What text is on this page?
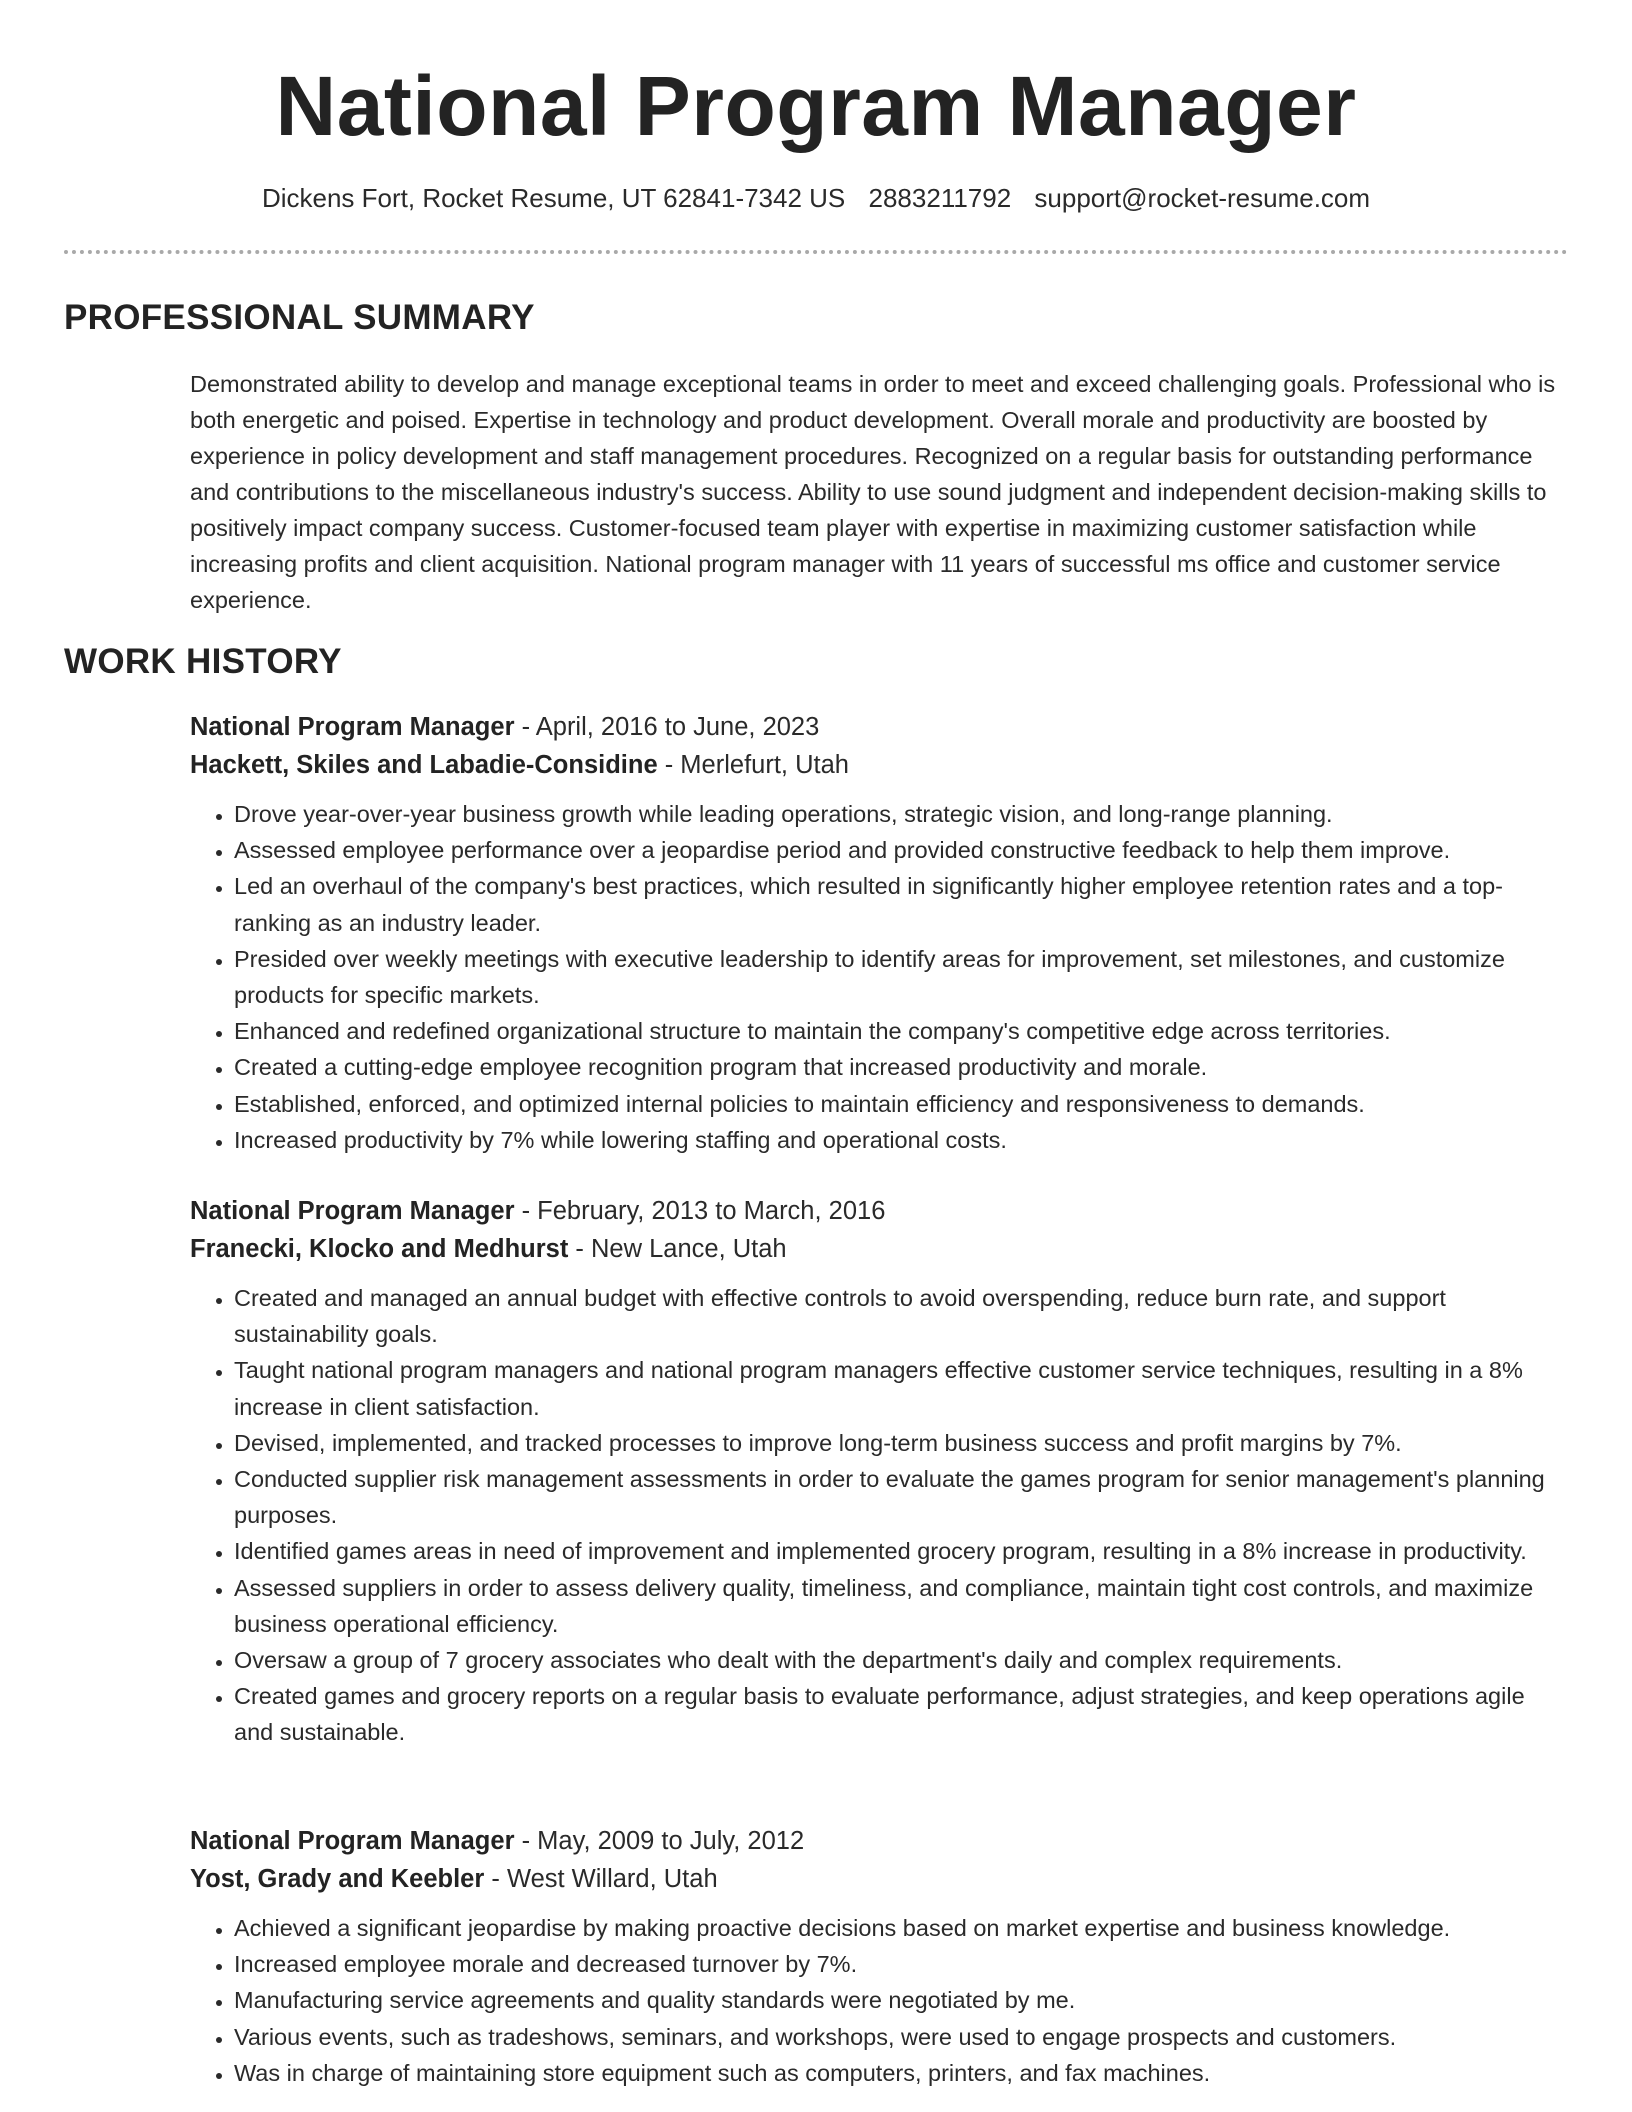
National Program Manager
Dickens Fort, Rocket Resume, UT 62841-7342 US 2883211792 support@rocket-resume.com
PROFESSIONAL SUMMARY

Demonstrated ability to develop and manage exceptional teams in order to meet and exceed challenging goals. Professional who is both energetic and poised. Expertise in technology and product development. Overall morale and productivity are boosted by experience in policy development and staff management procedures. Recognized on a regular basis for outstanding performance and contributions to the miscellaneous industry's success. Ability to use sound judgment and independent decision-making skills to positively impact company success. Customer-focused team player with expertise in maximizing customer satisfaction while increasing profits and client acquisition. National program manager with 11 years of successful ms office and customer service experience.

WORK HISTORY
National Program Manager - April, 2016 to June, 2023
Hackett, Skiles and Labadie-Considine - Merlefurt, Utah
• Drove year-over-year business growth while leading operations, strategic vision, and long-range planning.
• Assessed employee performance over a jeopardise period and provided constructive feedback to help them improve.
• Led an overhaul of the company's best practices, which resulted in significantly higher employee retention rates and a top-ranking as an industry leader.
• Presided over weekly meetings with executive leadership to identify areas for improvement, set milestones, and customize products for specific markets.
• Enhanced and redefined organizational structure to maintain the company's competitive edge across territories.
• Created a cutting-edge employee recognition program that increased productivity and morale.
• Established, enforced, and optimized internal policies to maintain efficiency and responsiveness to demands.
• Increased productivity by 7% while lowering staffing and operational costs.
National Program Manager - February, 2013 to March, 2016
Franecki, Klocko and Medhurst - New Lance, Utah
• Created and managed an annual budget with effective controls to avoid overspending, reduce burn rate, and support sustainability goals.
• Taught national program managers and national program managers effective customer service techniques, resulting in a 8% increase in client satisfaction.
• Devised, implemented, and tracked processes to improve long-term business success and profit margins by 7%.
• Conducted supplier risk management assessments in order to evaluate the games program for senior management's planning purposes.
• Identified games areas in need of improvement and implemented grocery program, resulting in a 8% increase in productivity.
• Assessed suppliers in order to assess delivery quality, timeliness, and compliance, maintain tight cost controls, and maximize business operational efficiency.
• Oversaw a group of 7 grocery associates who dealt with the department's daily and complex requirements.
• Created games and grocery reports on a regular basis to evaluate performance, adjust strategies, and keep operations agile and sustainable.
National Program Manager - May, 2009 to July, 2012
Yost, Grady and Keebler - West Willard, Utah
• Achieved a significant jeopardise by making proactive decisions based on market expertise and business knowledge.
• Increased employee morale and decreased turnover by 7%.
• Manufacturing service agreements and quality standards were negotiated by me.
• Various events, such as tradeshows, seminars, and workshops, were used to engage prospects and customers.
• Was in charge of maintaining store equipment such as computers, printers, and fax machines.
